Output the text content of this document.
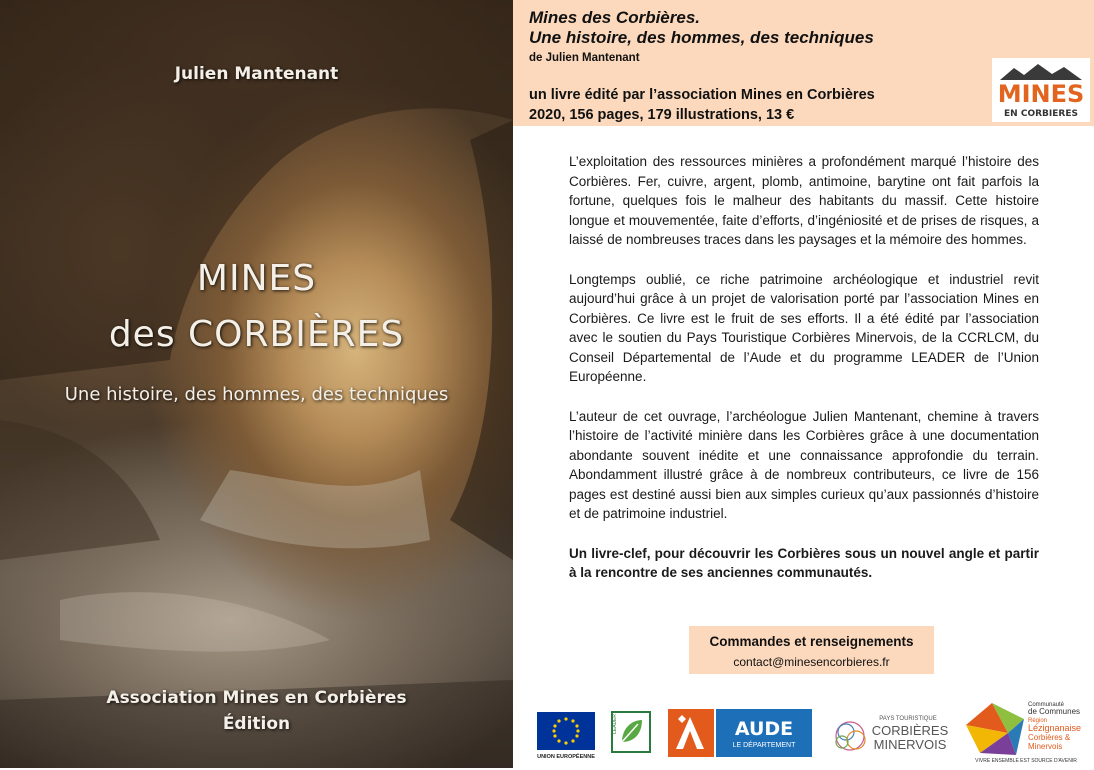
Julien Mantenant
MINES
des CORBIÈRES
Une histoire, des hommes, des techniques
Association Mines en Corbières
Édition
Mines des Corbières.
Une histoire, des hommes, des techniques
de Julien Mantenant
un livre édité par l’association Mines en Corbières
2020, 156 pages, 179 illustrations, 13 €
MINES
EN CORBIERES

L’exploitation des ressources minières a profondément marqué l’histoire des Corbières. Fer, cuivre, argent, plomb, antimoine, barytine ont fait parfois la fortune, quelques fois le malheur des habitants du massif. Cette histoire longue et mouvementée, faite d’efforts, d’ingéniosité et de prises de risques, a laissé de nombreuses traces dans les paysages et la mémoire des hommes.

Longtemps oublié, ce riche patrimoine archéologique et industriel revit aujourd’hui grâce à un projet de valorisation porté par l’association Mines en Corbières. Ce livre est le fruit de ses efforts. Il a été édité par l’association avec le soutien du Pays Touristique Corbières Minervois, de la CCRLCM, du Conseil Départemental de l’Aude et du programme LEADER de l’Union Européenne.

L’auteur de cet ouvrage, l’archéologue Julien Mantenant, chemine à travers l’histoire de l’activité minière dans les Corbières grâce à une documentation abondante souvent inédite et une connaissance approfondie du terrain. Abondamment illustré grâce à de nombreux contributeurs, ce livre de 156 pages est destiné aussi bien aux simples curieux qu’aux passionnés d’histoire et de patrimoine industriel.

Un livre-clef, pour découvrir les Corbières sous un nouvel angle et partir à la rencontre de ses anciennes communautés.

Commandes et renseignements
contact@minesencorbieres.fr
UNION EUROPÉENNE
LEADER	AUDE
LE DÉPARTEMENT
PAYS TOURISTIQUE
CORBIÈRES
MINERVOIS
Communauté
de Communes
Région
Lézignanaise
Corbières &
Minervois
VIVRE ENSEMBLE EST SOURCE D'AVENIR
